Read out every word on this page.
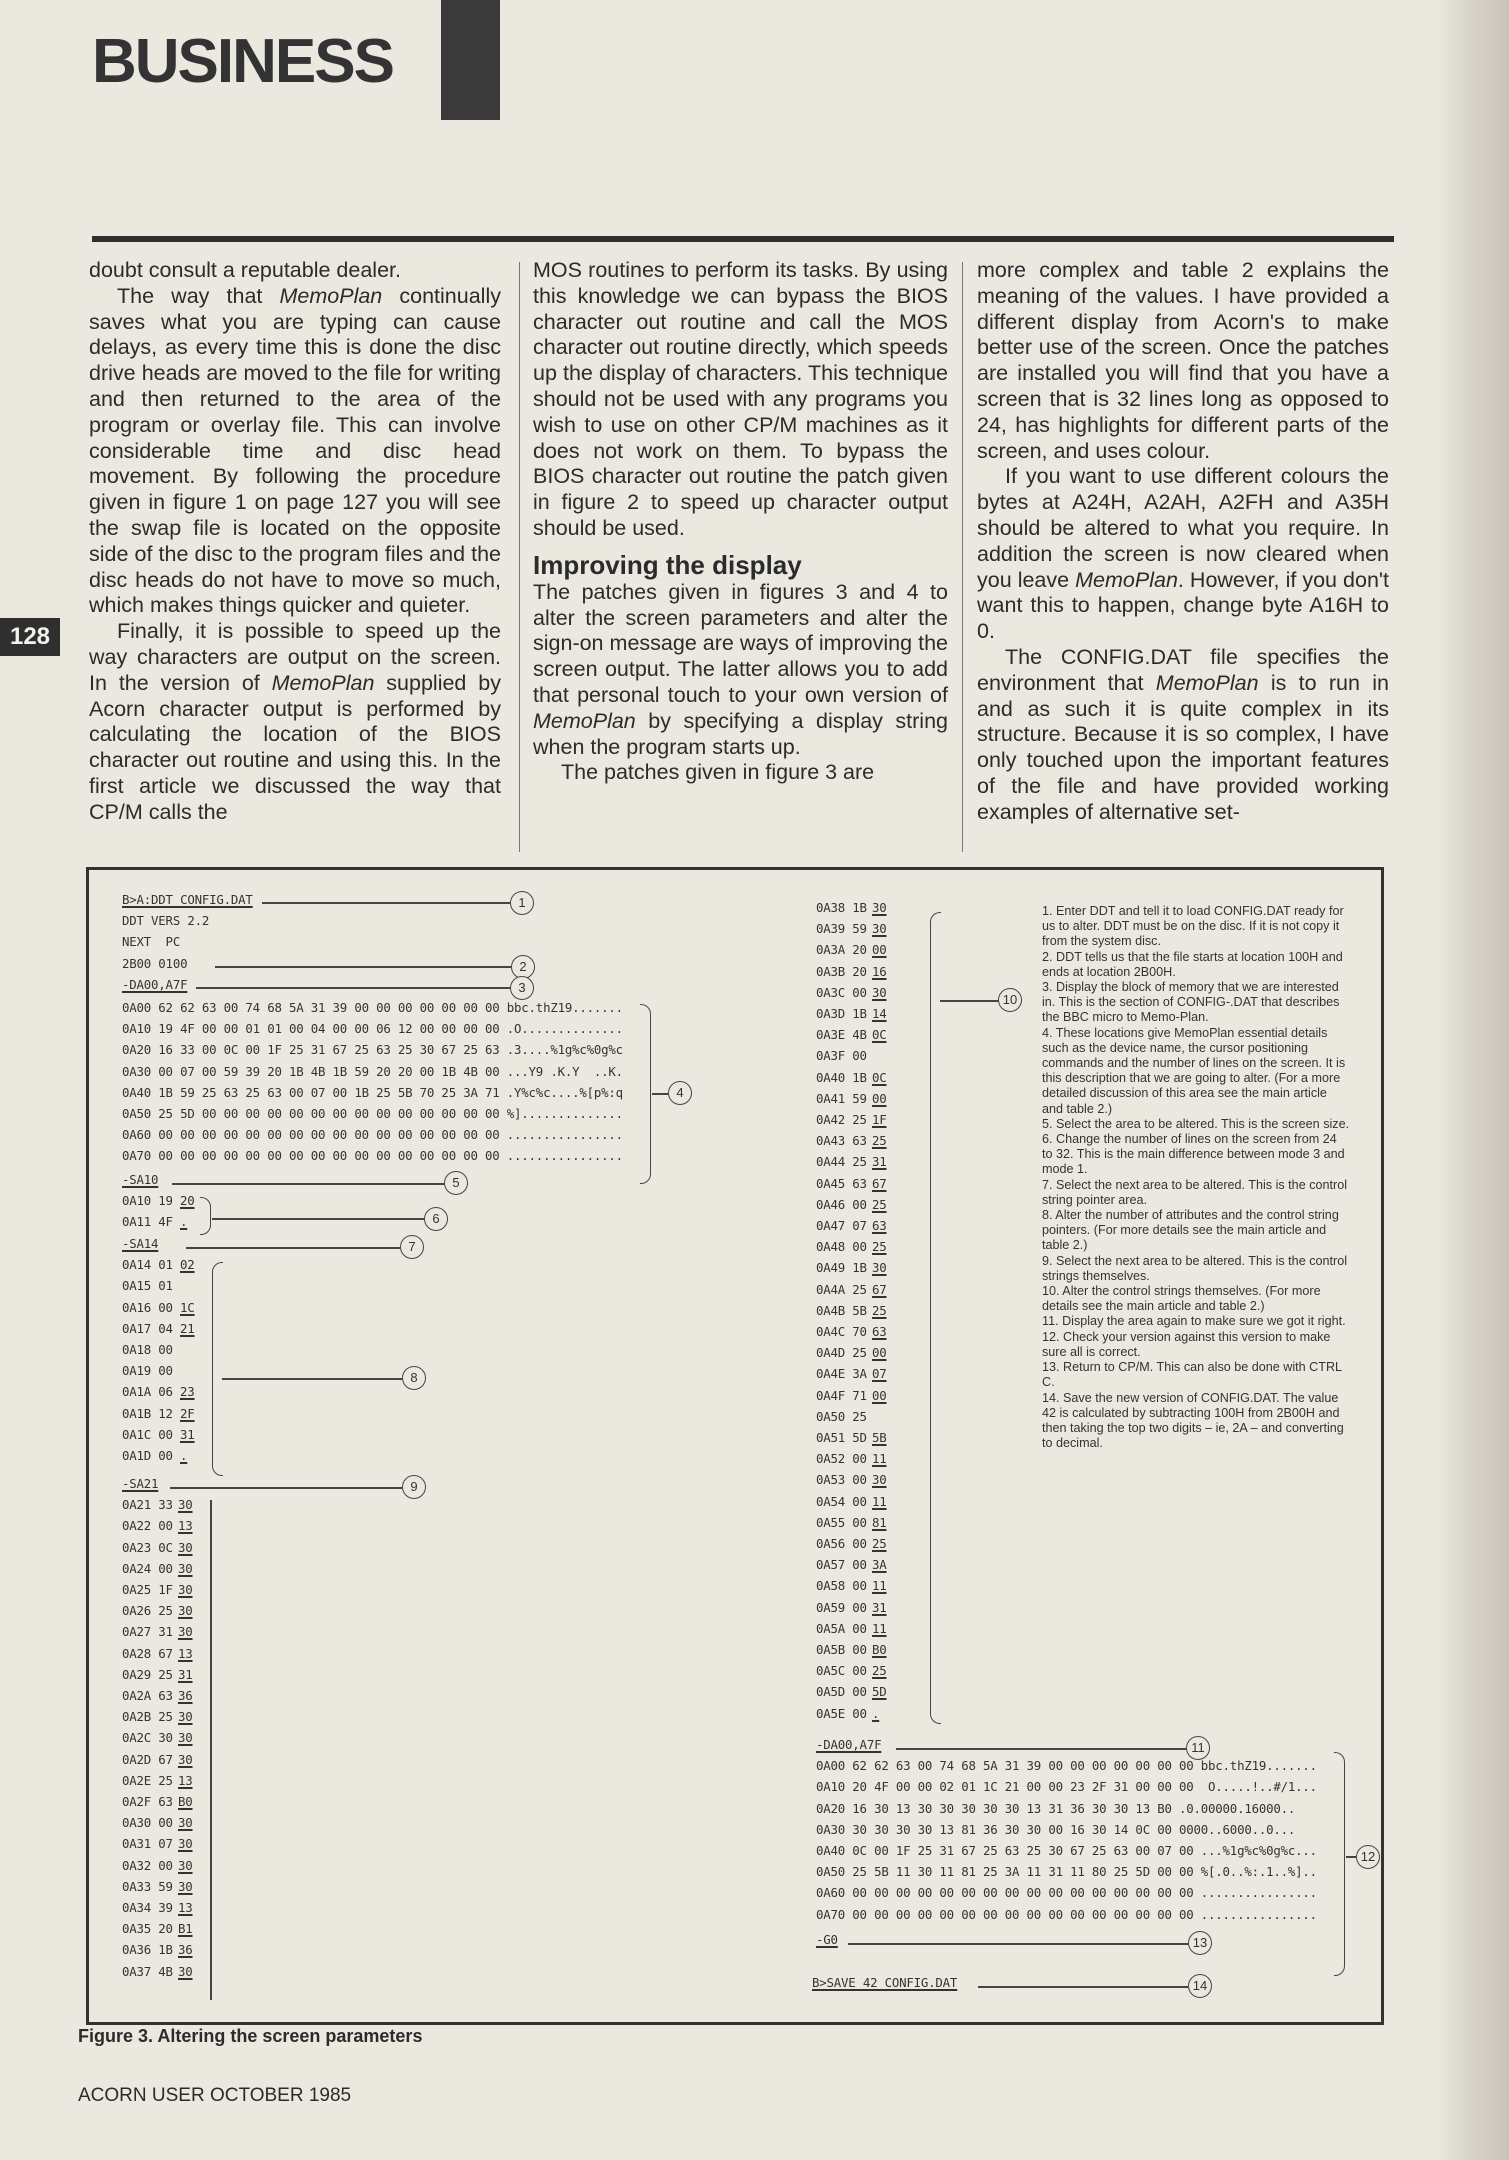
BUSINESS
128

doubt consult a reputable dealer.

The way that MemoPlan continually saves what you are typing can cause delays, as every time this is done the disc drive heads are moved to the file for writing and then returned to the area of the program or overlay file. This can involve considerable time and disc head movement. By following the procedure given in figure 1 on page 127 you will see the swap file is located on the opposite side of the disc to the program files and the disc heads do not have to move so much, which makes things quicker and quieter.

Finally, it is possible to speed up the way characters are output on the screen. In the version of MemoPlan supplied by Acorn character output is performed by calculating the location of the BIOS character out routine and using this. In the first article we discussed the way that CP/M calls the

MOS routines to perform its tasks. By using this knowledge we can bypass the BIOS character out routine and call the MOS character out routine directly, which speeds up the display of characters. This technique should not be used with any programs you wish to use on other CP/M machines as it does not work on them. To bypass the BIOS character out routine the patch given in figure 2 to speed up character output should be used.

Improving the display

The patches given in figures 3 and 4 to alter the screen parameters and alter the sign-on message are ways of improving the screen output. The latter allows you to add that personal touch to your own version of MemoPlan by specifying a display string when the program starts up.

The patches given in figure 3 are

more complex and table 2 explains the meaning of the values. I have provided a different display from Acorn's to make better use of the screen. Once the patches are installed you will find that you have a screen that is 32 lines long as opposed to 24, has highlights for different parts of the screen, and uses colour.

If you want to use different colours the bytes at A24H, A2AH, A2FH and A35H should be altered to what you require. In addition the screen is now cleared when you leave MemoPlan. However, if you don't want this to happen, change byte A16H to 0.

The CONFIG.DAT file specifies the environment that MemoPlan is to run in and as such it is quite complex in its structure. Because it is so complex, I have only touched upon the important features of the file and have provided working examples of alternative set-

B>A:DDT CONFIG.DAT
DDT VERS 2.2
NEXT  PC
2B00 0100
-DA00,A7F
1
2
3
0A00 62 62 63 00 74 68 5A 31 39 00 00 00 00 00 00 00 bbc.thZ19.......
0A10 19 4F 00 00 01 01 00 04 00 00 06 12 00 00 00 00 .O..............
0A20 16 33 00 0C 00 1F 25 31 67 25 63 25 30 67 25 63 .3....%1g%c%0g%c
0A30 00 07 00 59 39 20 1B 4B 1B 59 20 20 00 1B 4B 00 ...Y9 .K.Y  ..K.
0A40 1B 59 25 63 25 63 00 07 00 1B 25 5B 70 25 3A 71 .Y%c%c....%[p%:q
0A50 25 5D 00 00 00 00 00 00 00 00 00 00 00 00 00 00 %]..............
0A60 00 00 00 00 00 00 00 00 00 00 00 00 00 00 00 00 ................
0A70 00 00 00 00 00 00 00 00 00 00 00 00 00 00 00 00 ................
4
-SA10	5
0A10 19 20
0A11 4F .	6
-SA14	7
0A14 01 02
0A15 01
0A16 00 1C
0A17 04 21
0A18 00
0A19 00
0A1A 06 23
0A1B 12 2F
0A1C 00 31
0A1D 00 .
8
-SA21	9
0A21 33 30
0A22 00 13
0A23 0C 30
0A24 00 30
0A25 1F 30
0A26 25 30
0A27 31 30
0A28 67 13
0A29 25 31
0A2A 63 36
0A2B 25 30
0A2C 30 30
0A2D 67 30
0A2E 25 13
0A2F 63 B0
0A30 00 30
0A31 07 30
0A32 00 30
0A33 59 30
0A34 39 13
0A35 20 B1
0A36 1B 36
0A37 4B 30
0A38 1B 30
0A39 59 30
0A3A 20 00
0A3B 20 16
0A3C 00 30
0A3D 1B 14
0A3E 4B 0C
0A3F 00
0A40 1B 0C
0A41 59 00
0A42 25 1F
0A43 63 25
0A44 25 31
0A45 63 67
0A46 00 25
0A47 07 63
0A48 00 25
0A49 1B 30
0A4A 25 67
0A4B 5B 25
0A4C 70 63
0A4D 25 00
0A4E 3A 07
0A4F 71 00
0A50 25
0A51 5D 5B
0A52 00 11
0A53 00 30
0A54 00 11
0A55 00 81
0A56 00 25
0A57 00 3A
0A58 00 11
0A59 00 31
0A5A 00 11
0A5B 00 B0
0A5C 00 25
0A5D 00 5D
0A5E 00 .
10
-DA00,A7F	11
0A00 62 62 63 00 74 68 5A 31 39 00 00 00 00 00 00 00 bbc.thZ19.......
0A10 20 4F 00 00 02 01 1C 21 00 00 23 2F 31 00 00 00  O.....!..#/1...
0A20 16 30 13 30 30 30 30 30 13 31 36 30 30 13 B0 .0.00000.16000..
0A30 30 30 30 30 13 81 36 30 30 00 16 30 14 0C 00 0000..6000..0...
0A40 0C 00 1F 25 31 67 25 63 25 30 67 25 63 00 07 00 ...%1g%c%0g%c...
0A50 25 5B 11 30 11 81 25 3A 11 31 11 80 25 5D 00 00 %[.0..%:.1..%]..
0A60 00 00 00 00 00 00 00 00 00 00 00 00 00 00 00 00 ................
0A70 00 00 00 00 00 00 00 00 00 00 00 00 00 00 00 00 ................
12
-G0	13
B>SAVE 42 CONFIG.DAT	14

1. Enter DDT and tell it to load CONFIG.DAT ready for us to alter. DDT must be on the disc. If it is not copy it from the system disc.

2. DDT tells us that the file starts at location 100H and ends at location 2B00H.

3. Display the block of memory that we are interested in. This is the section of CONFIG-.DAT that describes the BBC micro to Memo-Plan.

4. These locations give MemoPlan essential details such as the device name, the cursor positioning commands and the number of lines on the screen. It is this description that we are going to alter. (For a more detailed discussion of this area see the main article and table 2.)

5. Select the area to be altered. This is the screen size.

6. Change the number of lines on the screen from 24 to 32. This is the main difference between mode 3 and mode 1.

7. Select the next area to be altered. This is the control string pointer area.

8. Alter the number of attributes and the control string pointers. (For more details see the main article and table 2.)

9. Select the next area to be altered. This is the control strings themselves.

10. Alter the control strings themselves. (For more details see the main article and table 2.)

11. Display the area again to make sure we got it right.

12. Check your version against this version to make sure all is correct.

13. Return to CP/M. This can also be done with CTRL C.

14. Save the new version of CONFIG.DAT. The value 42 is calculated by subtracting 100H from 2B00H and then taking the top two digits – ie, 2A – and converting to decimal.

Figure 3. Altering the screen parameters
ACORN USER OCTOBER 1985
